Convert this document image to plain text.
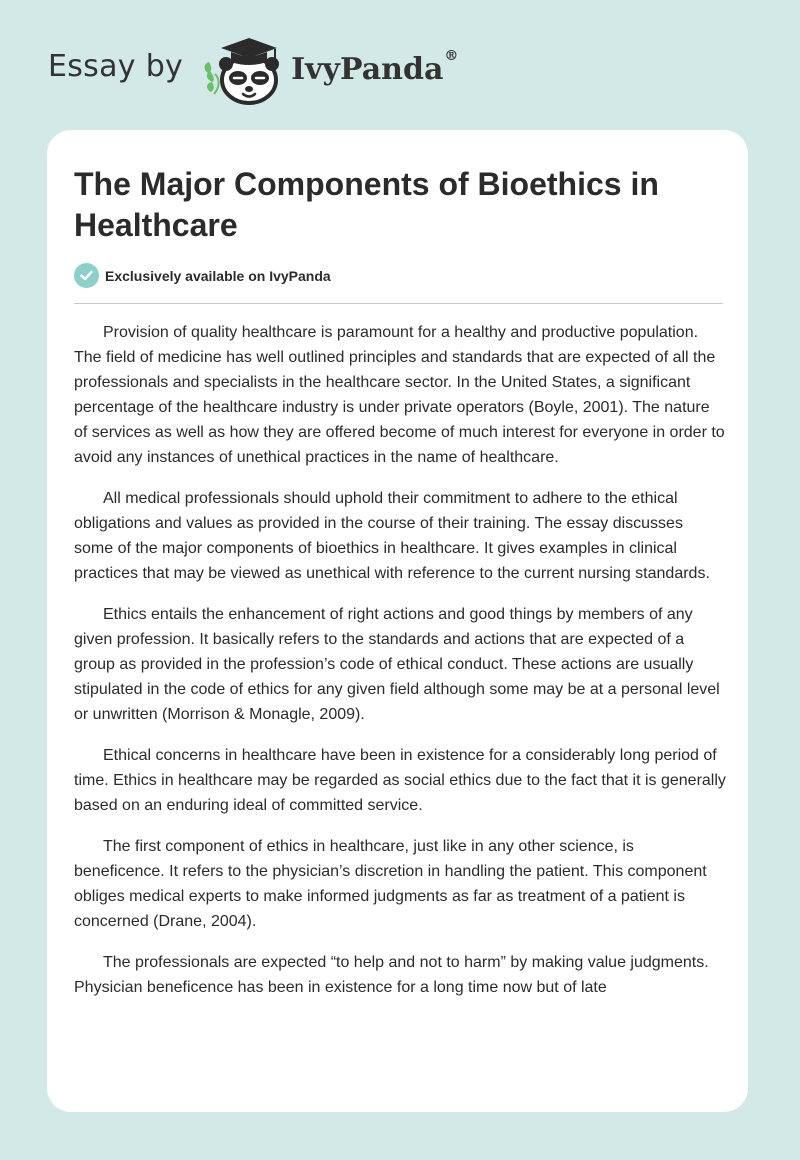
Essay by	IvyPanda®
The Major Components of Bioethics in Healthcare
Exclusively available on IvyPanda

Provision of quality healthcare is paramount for a healthy and productive population. The field of medicine has well outlined principles and standards that are expected of all the professionals and specialists in the healthcare sector. In the United States, a significant percentage of the healthcare industry is under private operators (Boyle, 2001). The nature of services as well as how they are offered become of much interest for everyone in order to avoid any instances of unethical practices in the name of healthcare.

All medical professionals should uphold their commitment to adhere to the ethical obligations and values as provided in the course of their training. The essay discusses some of the major components of bioethics in healthcare. It gives examples in clinical practices that may be viewed as unethical with reference to the current nursing standards.

Ethics entails the enhancement of right actions and good things by members of any given profession. It basically refers to the standards and actions that are expected of a group as provided in the profession’s code of ethical conduct. These actions are usually stipulated in the code of ethics for any given field although some may be at a personal level or unwritten (Morrison & Monagle, 2009).

Ethical concerns in healthcare have been in existence for a considerably long period of time. Ethics in healthcare may be regarded as social ethics due to the fact that it is generally based on an enduring ideal of committed service.

The first component of ethics in healthcare, just like in any other science, is beneficence. It refers to the physician’s discretion in handling the patient. This component obliges medical experts to make informed judgments as far as treatment of a patient is concerned (Drane, 2004).

The professionals are expected “to help and not to harm” by making value judgments. Physician beneficence has been in existence for a long time now but of late
